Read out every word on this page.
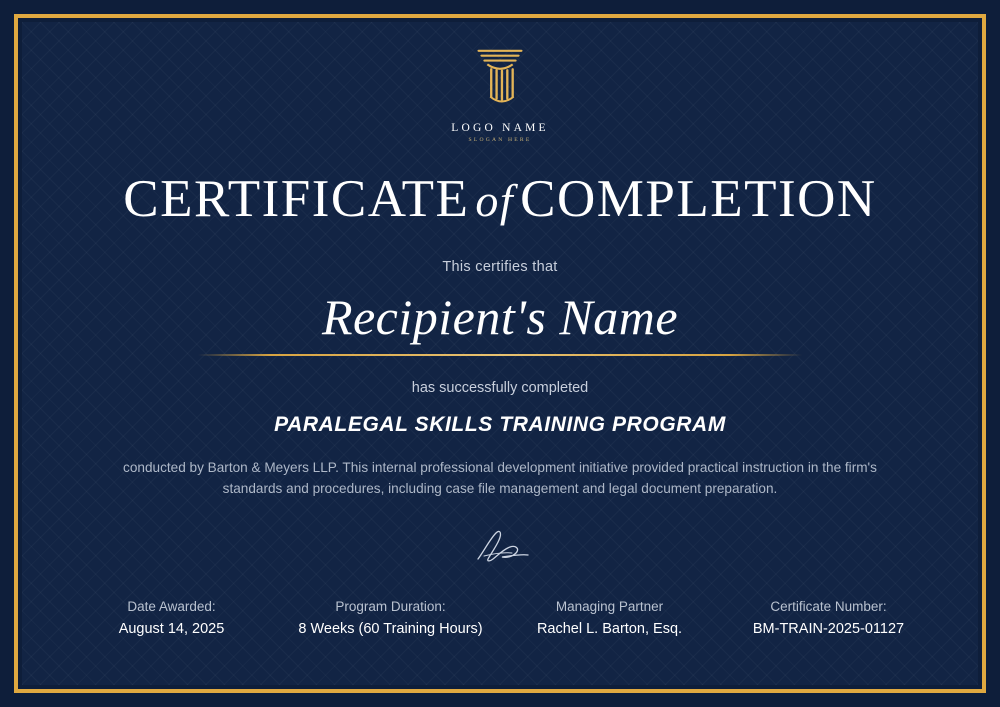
LOGO NAME
SLOGAN HERE
CERTIFICATE of COMPLETION
This certifies that
Recipient's Name
has successfully completed
PARALEGAL SKILLS TRAINING PROGRAM
conducted by Barton & Meyers LLP. This internal professional development initiative provided practical instruction in the firm's standards and procedures, including case file management and legal document preparation.
Date Awarded:
August 14, 2025
Program Duration:
8 Weeks (60 Training Hours)
Managing Partner
Rachel L. Barton, Esq.
Certificate Number:
BM-TRAIN-2025-01127
